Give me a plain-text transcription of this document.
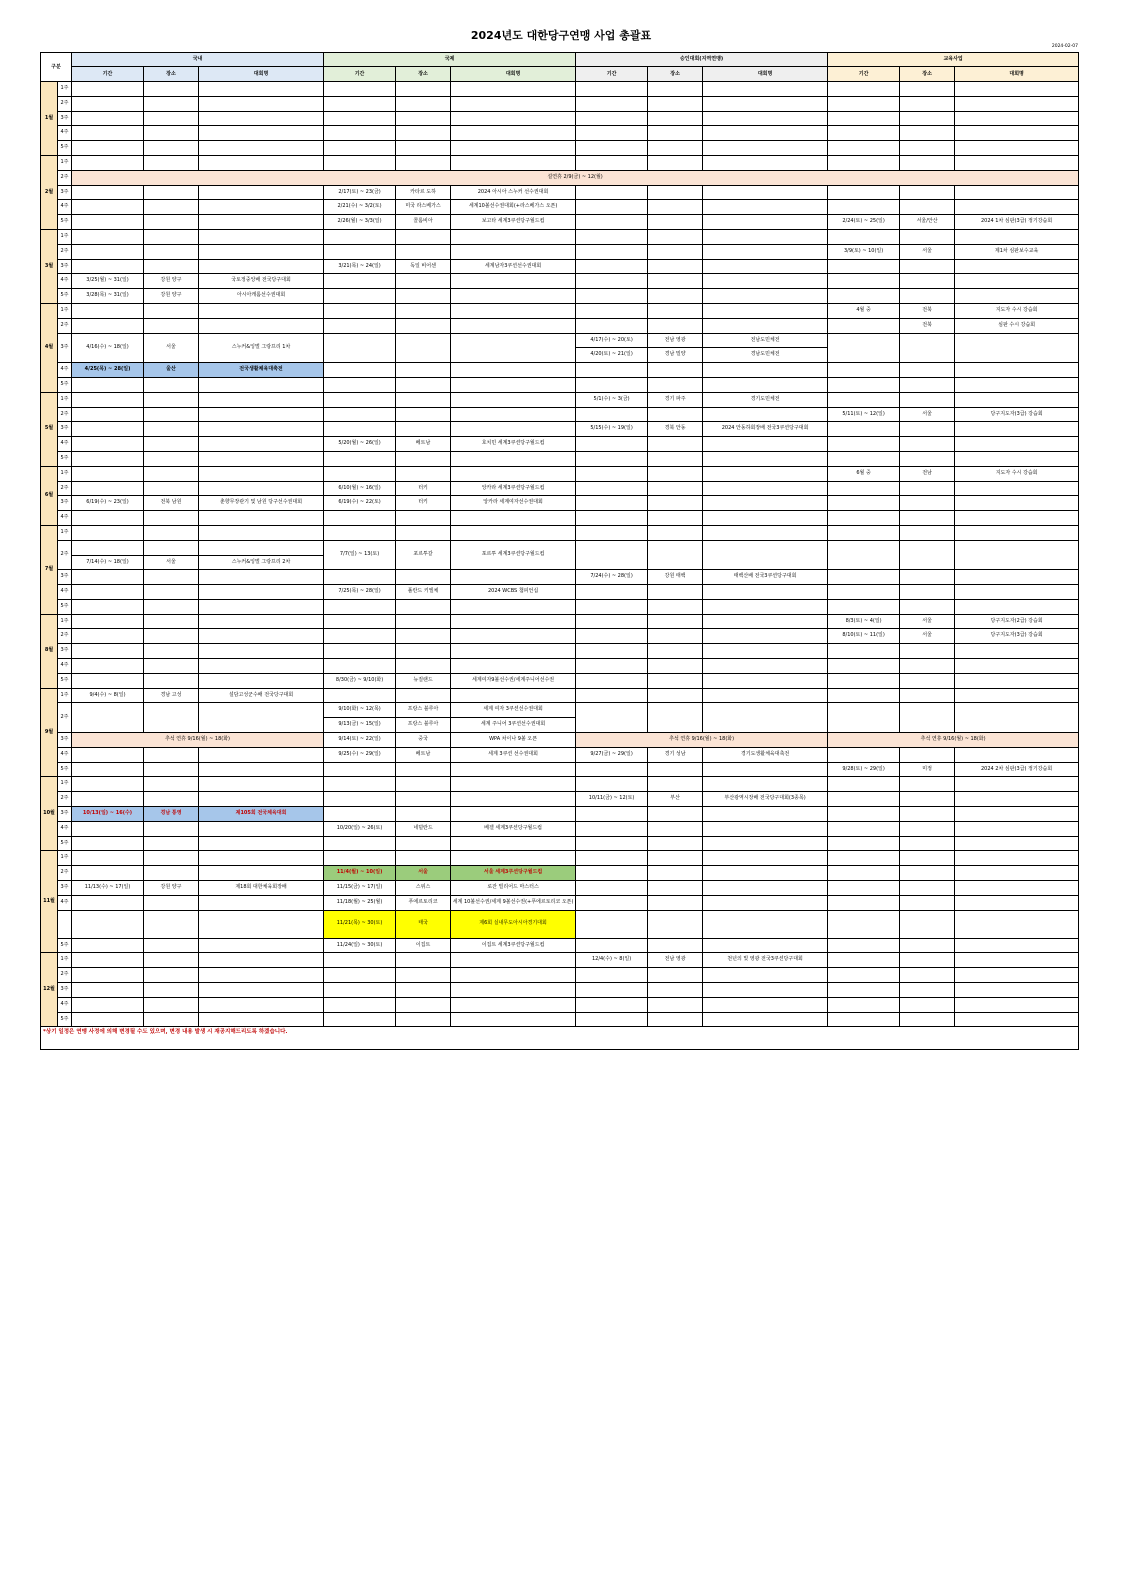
2024년도 대한당구연맹 사업 총괄표
2024-02-07
구분		국내			국제			승인대회(지역연맹)			교육사업		
		기간	장소	대회명	기간	장소	대회명	기간	장소	대회명	기간	장소	대회명
1월	1주												
	2주												
	3주												
	4주												
	5주												
2월	1주												
	2주	설연휴 2/9(금) ~ 12(월)											
	3주				2/17(토) ~ 23(금)	카타르 도하	2024 아시아 스누커 선수권대회						
	4주				2/21(수) ~ 3/2(토)	미국 라스베가스	세계10볼선수권대회(+라스베가스 오픈)						
	5주				2/26(월) ~ 3/3(일)	콜롬비아	보고타 세계3쿠션당구월드컵				2/24(토) ~ 25(일)	서울/안산	2024 1차 심판(3급) 정기강습회
3월	1주												
	2주										3/9(토) ~ 10(일)	서울	제1차 심판보수교육
	3주				3/21(목) ~ 24(일)	독일 비어센	세계남자3쿠션선수권대회						
	4주	3/25(월) ~ 31(일)	강원 양구	국토정중앙배 전국당구대회									
	5주	3/28(목) ~ 31(일)	강원 양구	아시아캐롬선수권대회									
4월	1주										4월 중	전북	지도자 수시 강습회
	2주											전북	심판 수시 강습회
	3주	4/16(수) ~ 18(일)	서울	스누커&잉벌 그랑프리 1차				4/17(수) ~ 20(토)	전남 영광	전남도민체전			
								4/20(토) ~ 21(일)	경남 밀양	경남도민체전			
	4주	4/25(목) ~ 28(일)	울산	전국생활체육대축전									
	5주												
5월	1주							5/1(수) ~ 3(금)	경기 파주	경기도민체전			
	2주										5/11(토) ~ 12(일)	서울	당구지도자(3급) 강습회
	3주							5/15(수) ~ 19(일)	경북 안동	2024 안동하회장배 전국3쿠션당구대회			
	4주				5/20(월) ~ 26(일)	베트남	호치민 세계3쿠션당구월드컵						
	5주												
6월	1주										6월 중	전남	지도자 수시 강습회
	2주				6/10(월) ~ 16(일)	터키	앙카라 세계3쿠션당구월드컵						
	3주	6/19(수) ~ 23(일)	전북 남원	춘향무장관기 및 남원 당구선수권대회	6/19(수) ~ 22(토)	터키	앙카라 세계여자선수권대회						
	4주												
7월	1주												
	2주				7/7(일) ~ 13(토)	포르투갈	포르투 세계3쿠션당구월드컵						
		7/14(수) ~ 18(일)	서울	스누커&잉벌 그랑프리 2차									
	3주							7/24(수) ~ 28(일)	강원 태백	태백산배 전국3쿠션당구대회			
	4주				7/25(목) ~ 28(일)	폴란드 키엘체	2024 WCBS 챔피언십						
	5주												
8월	1주										8/3(토) ~ 4(일)	서울	당구지도자(2급) 강습회
	2주										8/10(토) ~ 11(일)	서울	당구지도자(3급) 강습회
	3주												
	4주												
	5주				8/30(금) ~ 9/10(화)	뉴질랜드	세계여자9볼선수권/세계주니어선수권						
9월	1주	9/4(수) ~ 8(일)	경남 고성	설담고성군수배 전국당구대회									
	2주				9/10(화) ~ 12(목)	프랑스 블루아	세계 여자 3쿠션선수권대회						
					9/13(금) ~ 15(일)	프랑스 블루아	세계 주니어 3쿠션선수권대회						
	3주	추석 연휴 9/16(월) ~ 18(화)			9/14(토) ~ 22(일)	중국	WPA 차이나 9볼 오픈	추석 연휴 9/16(월) ~ 18(화)			추석 연휴 9/16(월) ~ 18(화)		
	4주				9/25(수) ~ 29(일)	베트남	세계 3쿠션 선수권대회	9/27(금) ~ 29(일)	경기 성남	경기도생활체육대축전			
	5주										9/28(토) ~ 29(일)	미정	2024 2차 심판(3급) 정기강습회
10월	1주												
	2주							10/11(금) ~ 12(토)	부산	부산광역시장배 전국당구대회(3종목)			
	3주	10/13(일) ~ 16(수)	경남 통영	제105회 전국체육대회									
	4주				10/20(일) ~ 26(토)	네덜란드	베겔 세계3쿠션당구월드컵						
	5주												
11월	1주												
	2주				11/4(월) ~ 10(일)	서울	서울 세계3쿠션당구월드컵						
	3주	11/13(수) ~ 17(일)	강원 양구	제18회 대한체육회장배	11/15(금) ~ 17(일)	스위스	로잔 빌리어드 마스터스						
	4주				11/18(월) ~ 25(월)	푸에르토리코	세계 10볼선수권/세계 9볼선수권(+푸에르토리코 오픈)						
					11/21(목) ~ 30(토)	태국	제6회 실내무도아시아경기대회						
	5주				11/24(일) ~ 30(토)	이집트	이집트 세계3쿠션당구월드컵						
12월	1주							12/4(수) ~ 8(일)	전남 영광	천년의 빛 영광 전국3쿠션당구대회			
	2주												
	3주												
	4주												
	5주												
*상기 일정은 연맹 사정에 의해 변경될 수도 있으며, 변경 내용 발생 시 재공지해드리도록 하겠습니다.													
